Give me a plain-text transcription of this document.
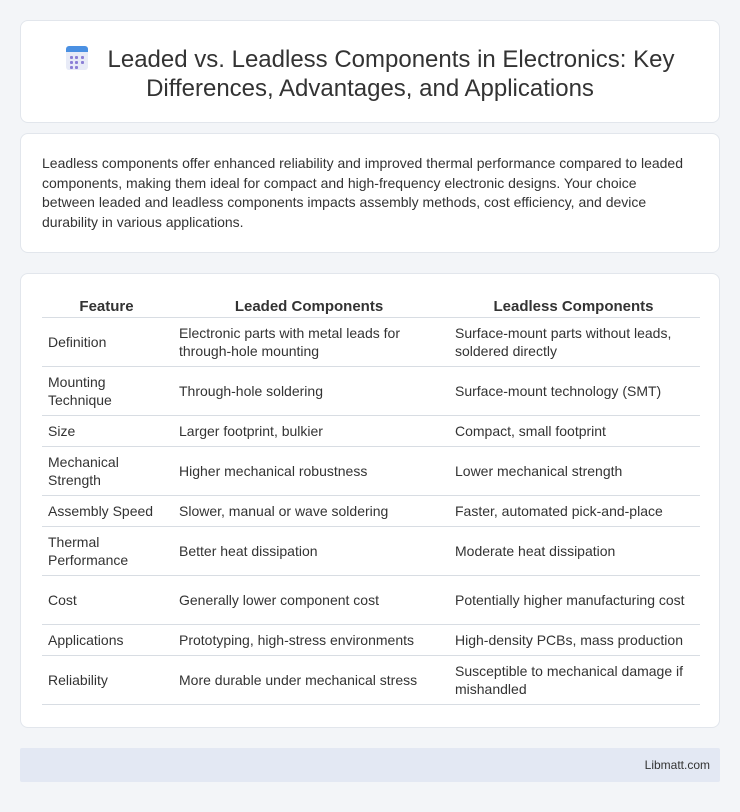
Leaded vs. Leadless Components in Electronics: Key Differences, Advantages, and Applications

Leadless components offer enhanced reliability and improved thermal performance compared to leaded components, making them ideal for compact and high-frequency electronic designs. Your choice between leaded and leadless components impacts assembly methods, cost efficiency, and device durability in various applications.

Feature	Leaded Components	Leadless Components
Definition	Electronic parts with metal leads for through-hole mounting	Surface-mount parts without leads, soldered directly
Mounting Technique	Through-hole soldering	Surface-mount technology (SMT)
Size	Larger footprint, bulkier	Compact, small footprint
Mechanical Strength	Higher mechanical robustness	Lower mechanical strength
Assembly Speed	Slower, manual or wave soldering	Faster, automated pick-and-place
Thermal Performance	Better heat dissipation	Moderate heat dissipation
Cost	Generally lower component cost	Potentially higher manufacturing cost
Applications	Prototyping, high-stress environments	High-density PCBs, mass production
Reliability	More durable under mechanical stress	Susceptible to mechanical damage if mishandled
Libmatt.com
